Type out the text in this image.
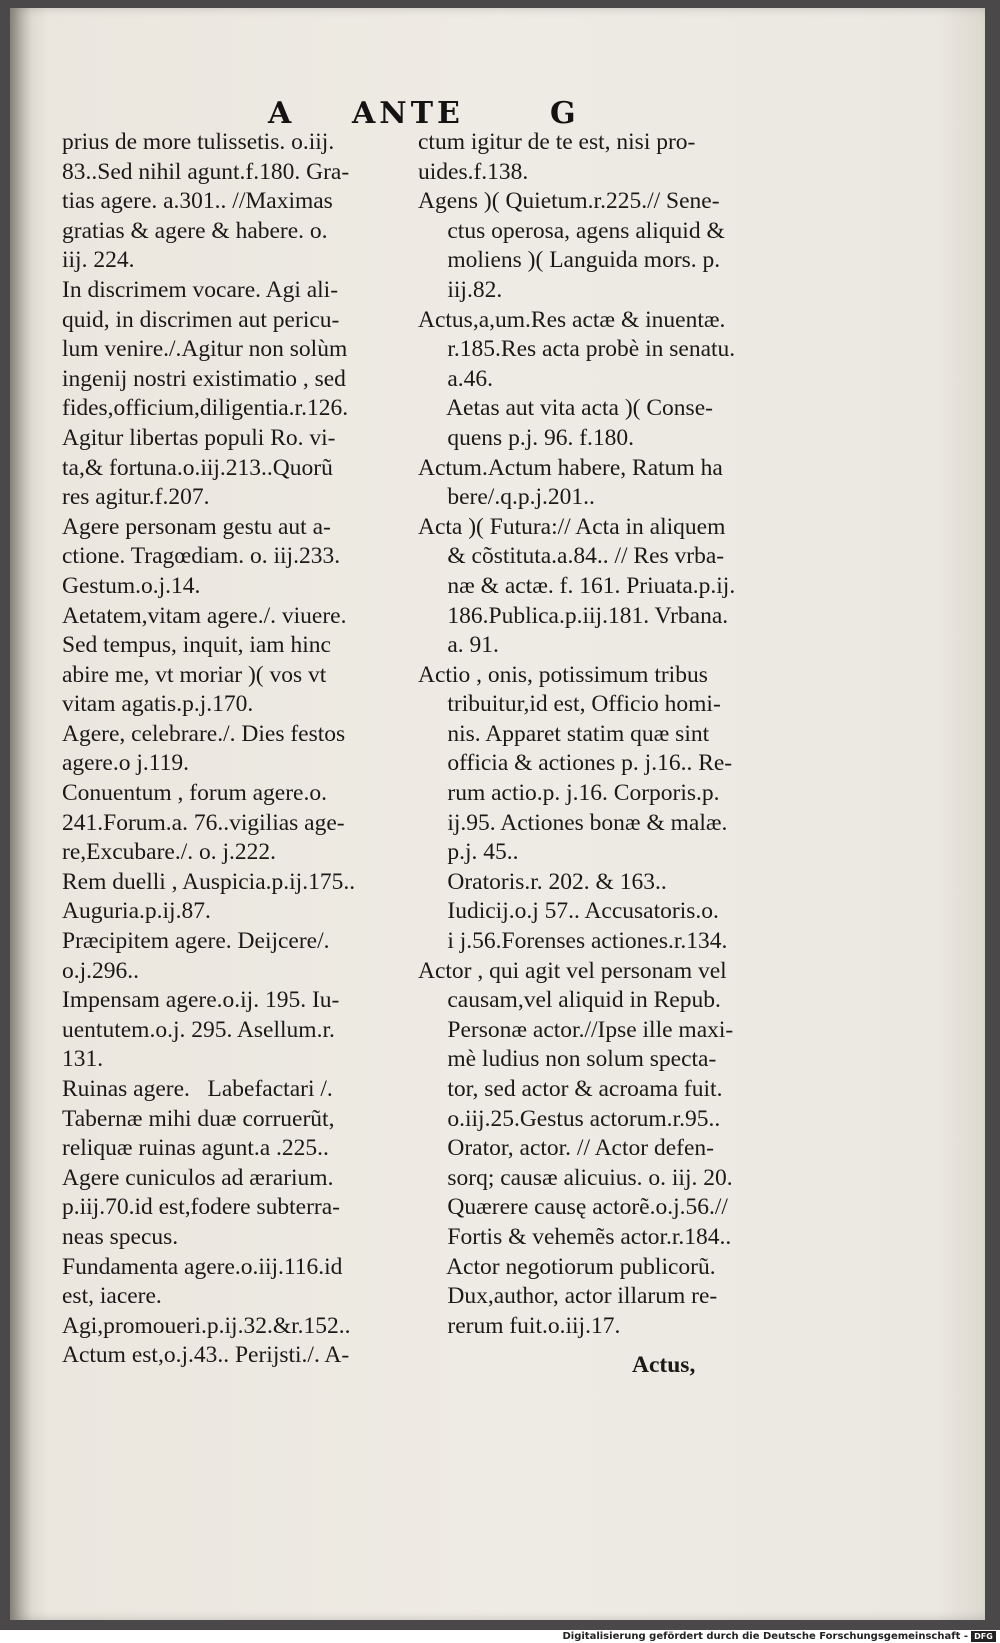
A ANTE	G
prius de more tulissetis. o.iij.
83..Sed nihil agunt.f.180. Gra-
tias agere. a.301.. //Maximas
gratias & agere & habere. o.
iij. 224.
In discrimem vocare. Agi ali-
quid, in discrimen aut pericu-
lum venire./.Agitur non solùm
ingenij nostri existimatio , sed
fides,officium,diligentia.r.126.
Agitur libertas populi Ro. vi-
ta,& fortuna.o.iij.213..Quorũ
res agitur.f.207.
Agere personam gestu aut a-
ctione. Tragœdiam. o. iij.233.
Gestum.o.j.14.
Aetatem,vitam agere./. viuere.
Sed tempus, inquit, iam hinc
abire me, vt moriar )( vos vt
vitam agatis.p.j.170.
Agere, celebrare./. Dies festos
agere.o j.119.
Conuentum , forum agere.o.
241.Forum.a. 76..vigilias age-
re,Excubare./. o. j.222.
Rem duelli , Auspicia.p.ij.175..
Auguria.p.ij.87.
Præcipitem agere. Deijcere/.
o.j.296..
Impensam agere.o.ij. 195. Iu-
uentutem.o.j. 295. Asellum.r.
131.
Ruinas agere.   Labefactari /.
Tabernæ mihi duæ corruerũt,
reliquæ ruinas agunt.a .225..
Agere cuniculos ad ærarium.
p.iij.70.id est,fodere subterra-
neas specus.
Fundamenta agere.o.iij.116.id
est, iacere.
Agi,promoueri.p.ij.32.&r.152..
Actum est,o.j.43.. Perijsti./. A-
ctum igitur de te est, nisi pro-
uides.f.138.
Agens )( Quietum.r.225.// Sene-
ctus operosa, agens aliquid &
moliens )( Languida mors. p.
iij.82.
Actus,a,um.Res actæ & inuentæ.
r.185.Res acta probè in senatu.
a.46.
Aetas aut vita acta )( Conse-
quens p.j. 96. f.180.
Actum.Actum habere, Ratum ha
bere/.q.p.j.201..
Acta )( Futura:// Acta in aliquem
& cõstituta.a.84.. // Res vrba-
næ & actæ. f. 161. Priuata.p.ij.
186.Publica.p.iij.181. Vrbana.
a. 91.
Actio , onis, potissimum tribus
tribuitur,id est, Officio homi-
nis. Apparet statim quæ sint
officia & actiones p. j.16.. Re-
rum actio.p. j.16. Corporis.p.
ij.95. Actiones bonæ & malæ.
p.j. 45..
Oratoris.r. 202. & 163..
Iudicij.o.j 57.. Accusatoris.o.
i j.56.Forenses actiones.r.134.
Actor , qui agit vel personam vel
causam,vel aliquid in Repub.
Personæ actor.//Ipse ille maxi-
mè ludius non solum specta-
tor, sed actor & acroama fuit.
o.iij.25.Gestus actorum.r.95..
Orator, actor. // Actor defen-
sorq; causæ alicuius. o. iij. 20.
Quærere causę actorẽ.o.j.56.//
Fortis & vehemẽs actor.r.184..
Actor negotiorum publicorũ.
Dux,author, actor illarum re-
rerum fuit.o.iij.17.
Actus,
Digitalisierung gefördert durch die Deutsche Forschungsgemeinschaft - DFG
